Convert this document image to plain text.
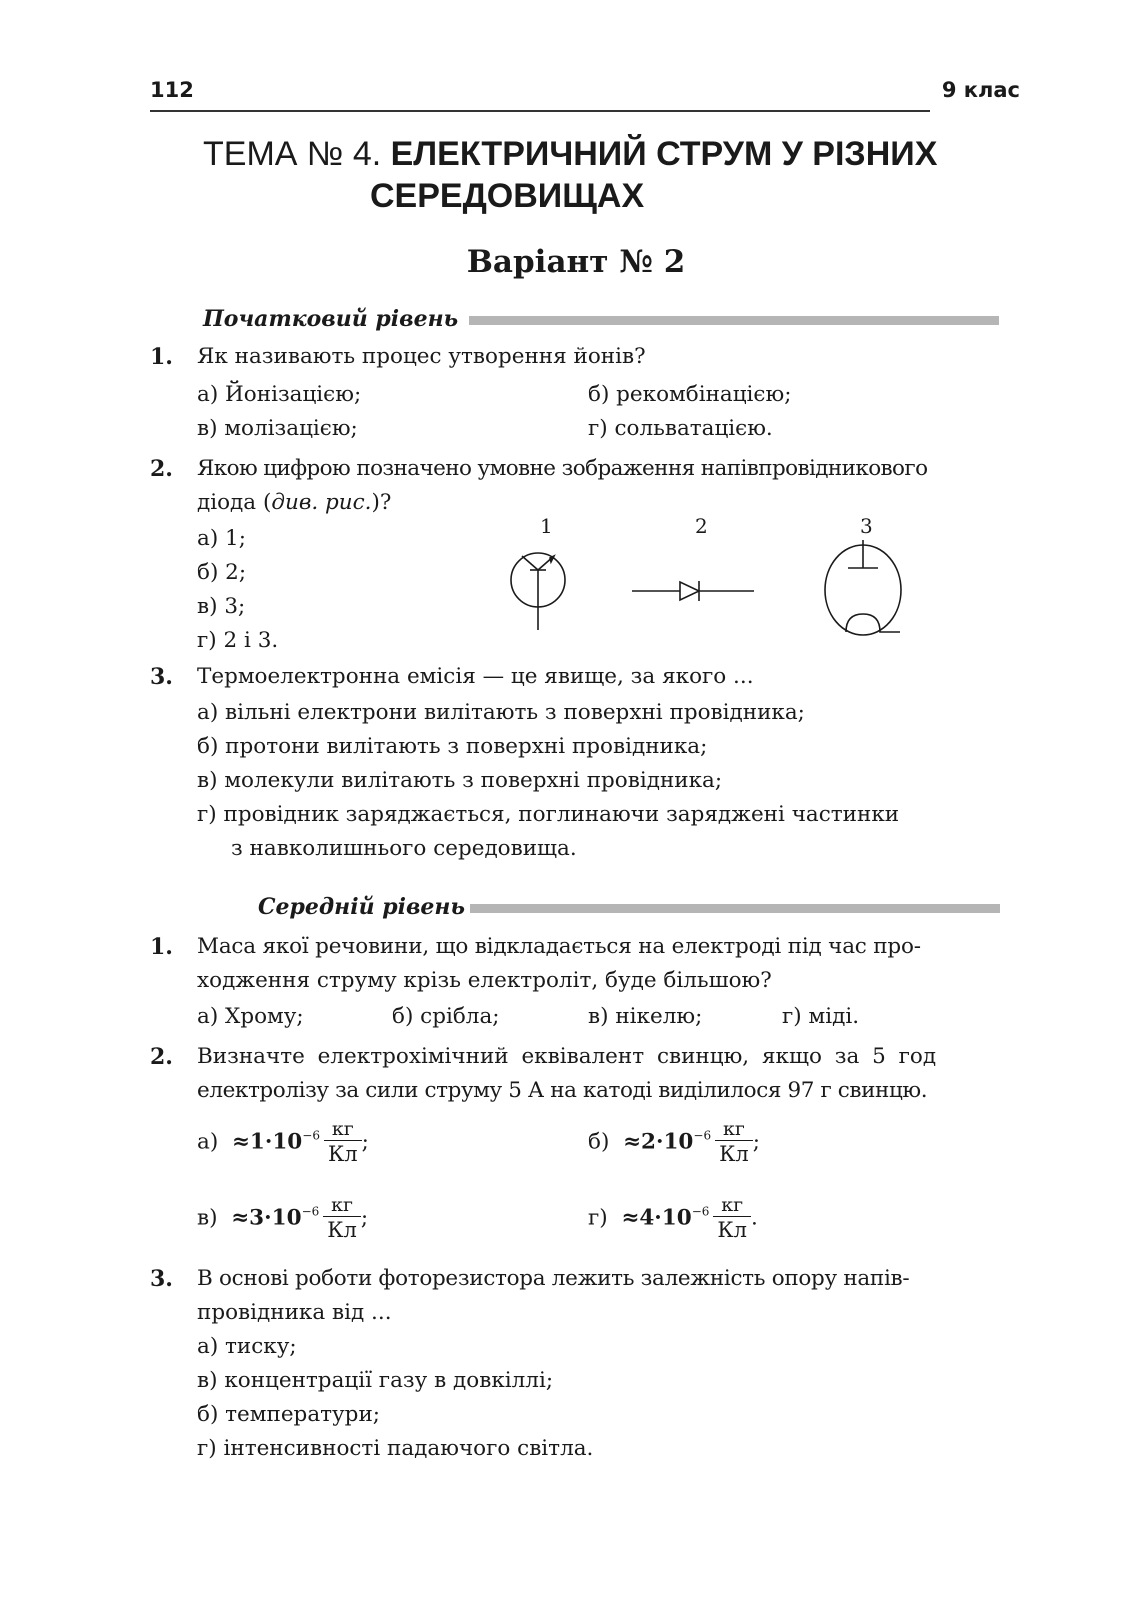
112	9 клас
ТЕМА № 4. ЕЛЕКТРИЧНИЙ СТРУМ У РІЗНИХ
СЕРЕДОВИЩАХ
Варіант № 2
Початковий рівень
1. Як називають процес утворення йонів?
а) Йонізацією;	б) рекомбінацією;
в) молізацією;	г) сольватацією.
2. Якою цифрою позначено умовне зображення напівпровідникового
діода (див. рис.)?
а) 1;
б) 2;
в) 3;
г) 2 і 3.
1	2	3
3. Термоелектронна емісія — це явище, за якого ...
а) вільні електрони вилітають з поверхні провідника;
б) протони вилітають з поверхні провідника;
в) молекули вилітають з поверхні провідника;
г) провідник заряджається, поглинаючи заряджені частинки
з навколишнього середовища.
Середній рівень
1. Маса якої речовини, що відкладається на електроді під час про-
ходження струму крізь електроліт, буде більшою?
а) Хрому;	б) срібла;	в) нікелю;	г) міді.
2. Визначте електрохімічний еквівалент свинцю, якщо за 5 год
електролізу за сили струму 5 А на катоді виділилося 97 г свинцю.
$а) \approx 1\cdot 10^{-6} \frac{кг}{Кл}$ ;	$б) \approx 2\cdot 10^{-6} \frac{кг}{Кл}$ ;
$в) \approx 3\cdot 10^{-6} \frac{кг}{Кл}$ ;	$г) \approx 4\cdot 10^{-6} \frac{кг}{Кл}$ .
3. В основі роботи фоторезистора лежить залежність опору напів-
провідника від ...
а) тиску;
в) концентрації газу в довкіллі;
б) температури;
г) інтенсивності падаючого світла.
